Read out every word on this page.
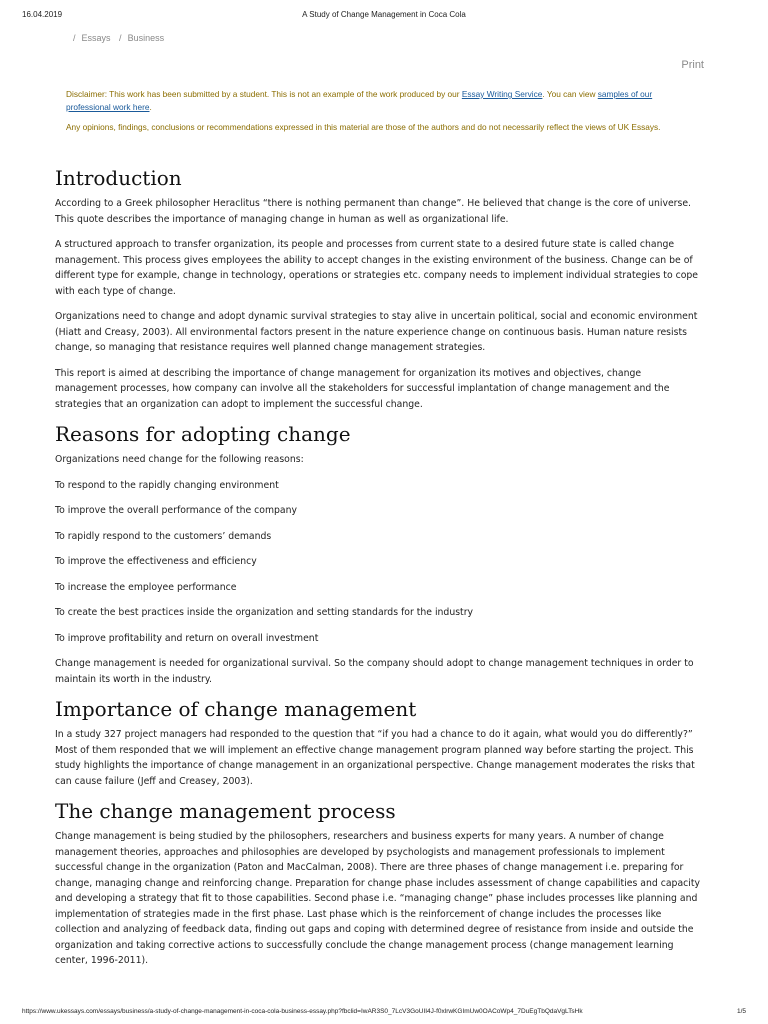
16.04.2019	A Study of Change Management in Coca Cola
/ Essays / Business
Print

Disclaimer: This work has been submitted by a student. This is not an example of the work produced by our Essay Writing Service. You can view samples of our professional work here.

Any opinions, findings, conclusions or recommendations expressed in this material are those of the authors and do not necessarily reflect the views of UK Essays.

Introduction

According to a Greek philosopher Heraclitus “there is nothing permanent than change”. He believed that change is the core of universe. This quote describes the importance of managing change in human as well as organizational life.

A structured approach to transfer organization, its people and processes from current state to a desired future state is called change management. This process gives employees the ability to accept changes in the existing environment of the business. Change can be of different type for example, change in technology, operations or strategies etc. company needs to implement individual strategies to cope with each type of change.

Organizations need to change and adopt dynamic survival strategies to stay alive in uncertain political, social and economic environment (Hiatt and Creasy, 2003). All environmental factors present in the nature experience change on continuous basis. Human nature resists change, so managing that resistance requires well planned change management strategies.

This report is aimed at describing the importance of change management for organization its motives and objectives, change management processes, how company can involve all the stakeholders for successful implantation of change management and the strategies that an organization can adopt to implement the successful change.

Reasons for adopting change

Organizations need change for the following reasons:

To respond to the rapidly changing environment

To improve the overall performance of the company

To rapidly respond to the customers’ demands

To improve the effectiveness and efficiency

To increase the employee performance

To create the best practices inside the organization and setting standards for the industry

To improve profitability and return on overall investment

Change management is needed for organizational survival. So the company should adopt to change management techniques in order to maintain its worth in the industry.

Importance of change management

In a study 327 project managers had responded to the question that “if you had a chance to do it again, what would you do differently?” Most of them responded that we will implement an effective change management program planned way before starting the project. This study highlights the importance of change management in an organizational perspective. Change management moderates the risks that can cause failure (Jeff and Creasey, 2003).

The change management process

Change management is being studied by the philosophers, researchers and business experts for many years. A number of change management theories, approaches and philosophies are developed by psychologists and management professionals to implement successful change in the organization (Paton and MacCalman, 2008). There are three phases of change management i.e. preparing for change, managing change and reinforcing change. Preparation for change phase includes assessment of change capabilities and capacity and developing a strategy that fit to those capabilities. Second phase i.e. “managing change” phase includes processes like planning and implementation of strategies made in the first phase. Last phase which is the reinforcement of change includes the processes like collection and analyzing of feedback data, finding out gaps and coping with determined degree of resistance from inside and outside the organization and taking corrective actions to successfully conclude the change management process (change management learning center, 1996-2011).

https://www.ukessays.com/essays/business/a-study-of-change-management-in-coca-cola-business-essay.php?fbclid=IwAR3S0_7LcV3GoUII4J-f0xlrwKGImUw0OACoWp4_7DuEgTbQdaVgLTsHk	1/5
